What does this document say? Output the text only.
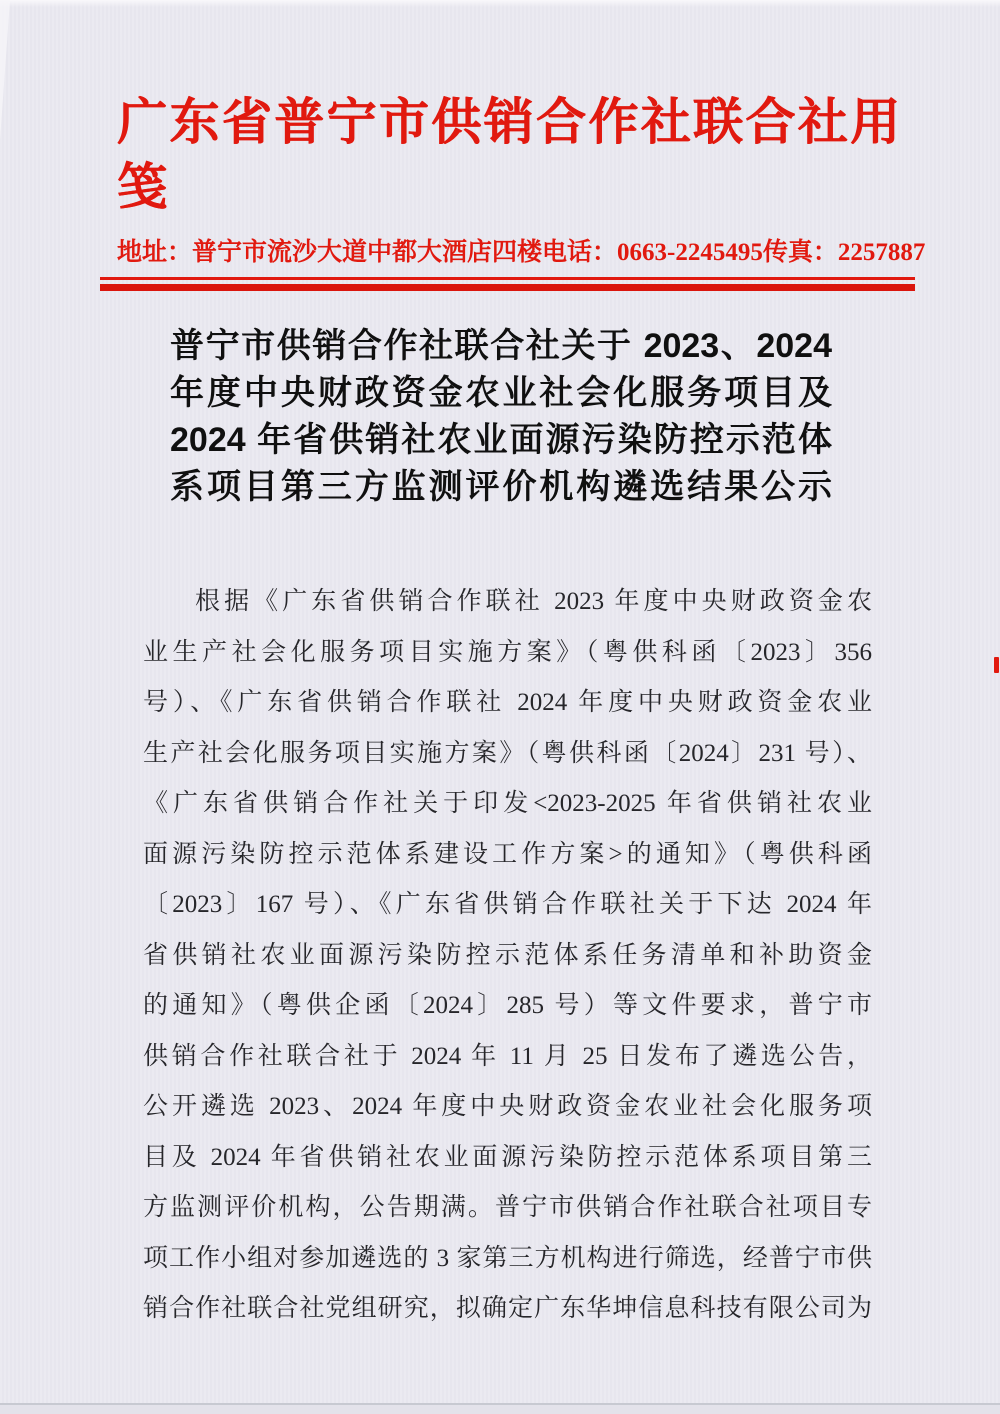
广东省普宁市供销合作社联合社用笺
地址：普宁市流沙大道中都大酒店四楼 电话：0663-2245495 传真：2257887
普宁市供销合作社联合社关于 2023、2024
年度中央财政资金农业社会化服务项目及
2024 年省供销社农业面源污染防控示范体
系项目第三方监测评价机构遴选结果公示
根据《广东省供销合作联社 2023 年度中央财政资金农
业生产社会化服务项目实施方案》（粤供科函〔2023〕356
号）、《广东省供销合作联社 2024 年度中央财政资金农业
生产社会化服务项目实施方案》（粤供科函〔2024〕231 号）、
《广东省供销合作社关于印发<2023-2025 年省供销社农业
面源污染防控示范体系建设工作方案>的通知》（粤供科函
〔2023〕167 号）、《广东省供销合作联社关于下达 2024 年
省供销社农业面源污染防控示范体系任务清单和补助资金
的通知》（粤供企函〔2024〕285 号）等文件要求，普宁市
供销合作社联合社于 2024 年 11 月 25 日发布了遴选公告，
公开遴选 2023、2024 年度中央财政资金农业社会化服务项
目及 2024 年省供销社农业面源污染防控示范体系项目第三
方监测评价机构，公告期满。普宁市供销合作社联合社项目专
项工作小组对参加遴选的 3 家第三方机构进行筛选，经普宁市供
销合作社联合社党组研究，拟确定广东华坤信息科技有限公司为
